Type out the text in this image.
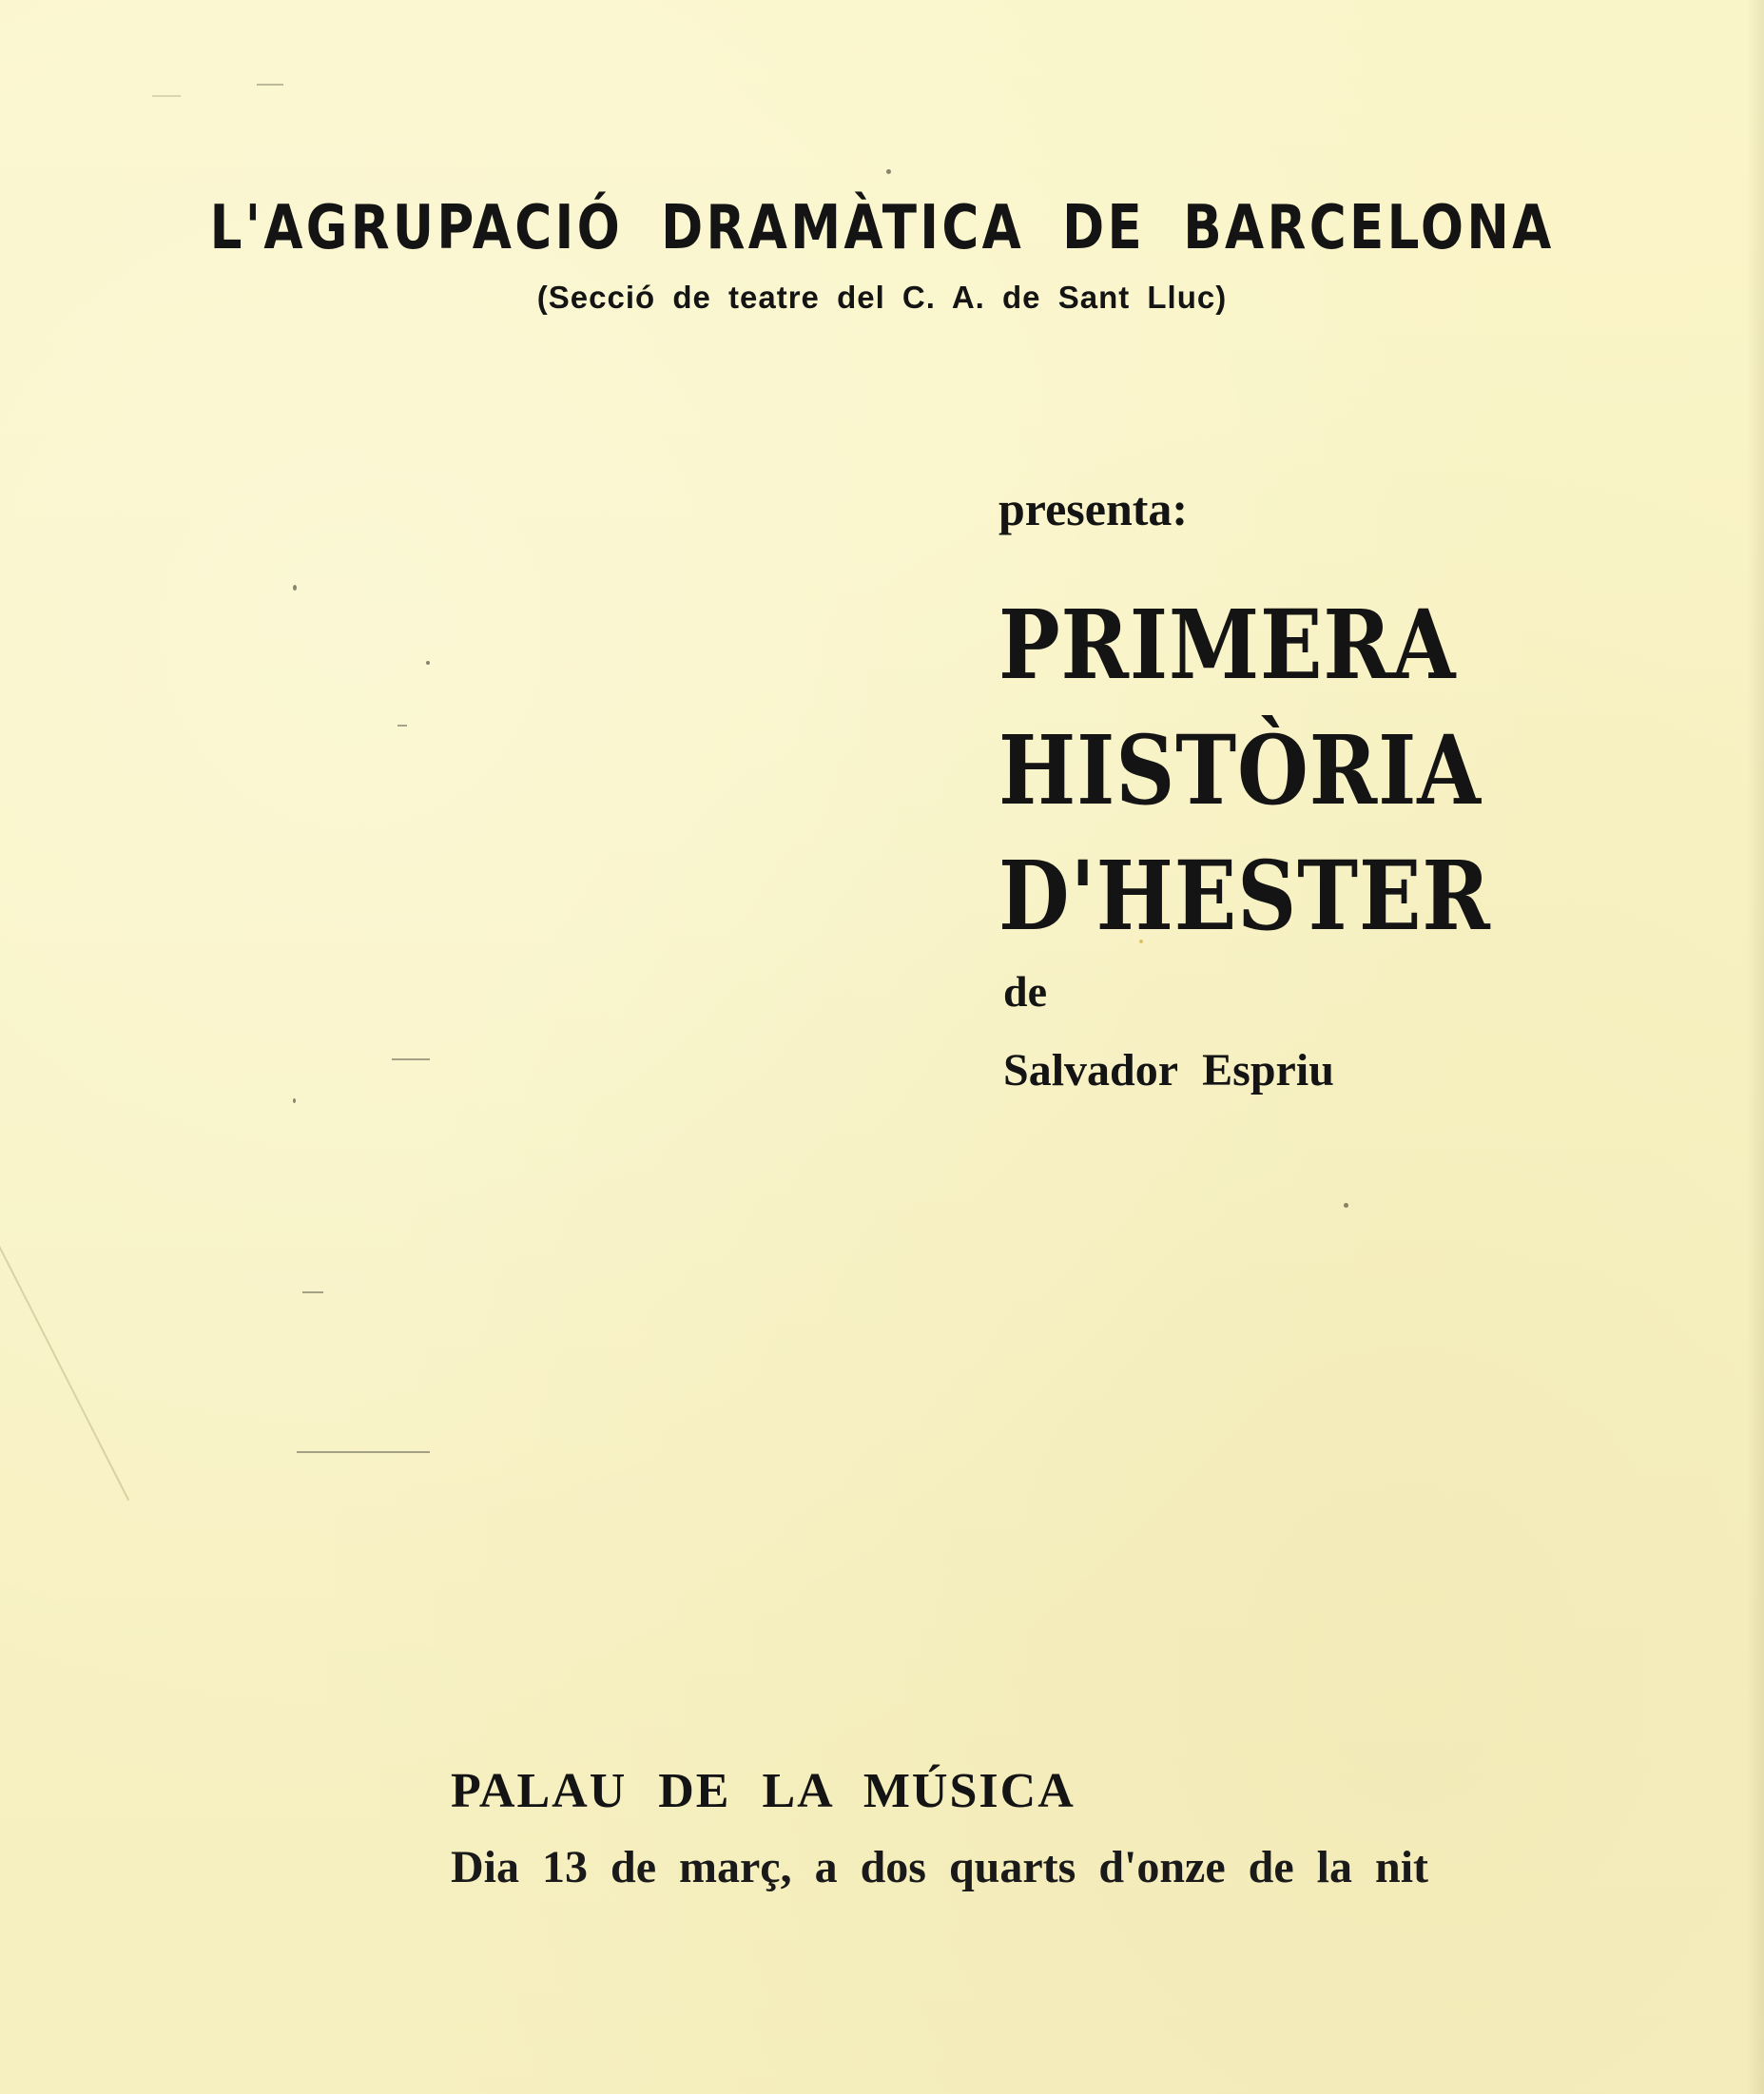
L'AGRUPACIÓ DRAMÀTICA DE BARCELONA
(Secció de teatre del C. A. de Sant Lluc)
presenta:
PRIMERA
HISTÒRIA
D'HESTER
de
Salvador Espriu
PALAU DE LA MÚSICA
Dia 13 de març, a dos quarts d'onze de la nit
